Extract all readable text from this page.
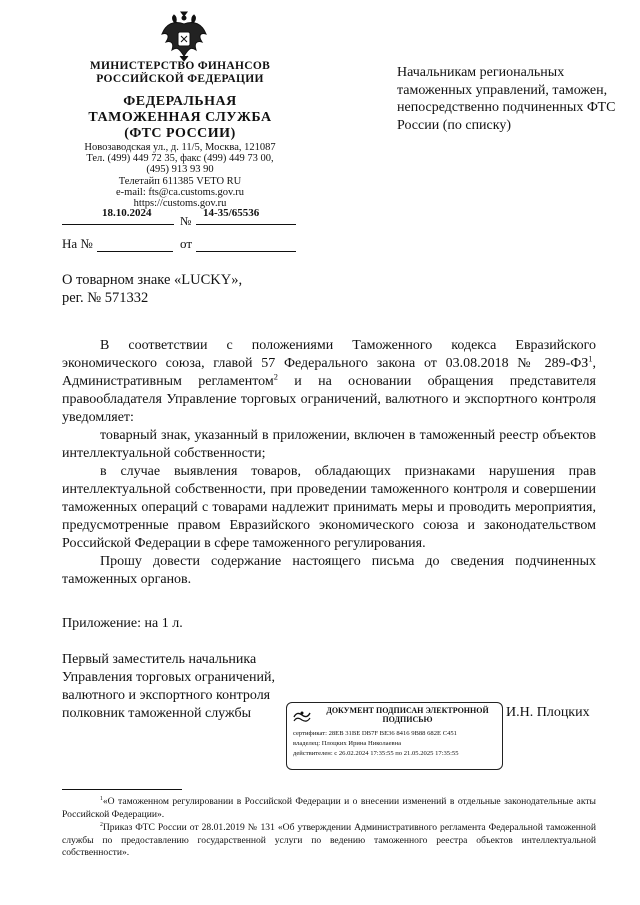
МИНИСТЕРСТВО ФИНАНСОВ
РОССИЙСКОЙ ФЕДЕРАЦИИ
ФЕДЕРАЛЬНАЯ
ТАМОЖЕННАЯ СЛУЖБА
(ФТС РОССИИ)
Новозаводская ул., д. 11/5, Москва, 121087
Тел. (499) 449 72 35, факс (499) 449 73 00,
(495) 913 93 90
Телетайп 611385 VETO RU
e-mail: fts@ca.customs.gov.ru
https://customs.gov.ru
18.10.2024
№
14-35/65536
На №	от
Начальникам региональных таможенных управлений, таможен, непосредственно подчиненных ФТС России (по списку)
О товарном знаке «LUCKY»,
рег. № 571332

В соответствии с положениями Таможенного кодекса Евразийского экономического союза, главой 57 Федерального закона от 03.08.2018 № $289-ФЗ^1$, Административным регламентом$^2$ и на основании обращения представителя правообладателя Управление торговых ограничений, валютного и экспортного контроля уведомляет:

товарный знак, указанный в приложении, включен в таможенный реестр объектов интеллектуальной собственности;

в случае выявления товаров, обладающих признаками нарушения прав интеллектуальной собственности, при проведении таможенного контроля и совершении таможенных операций с товарами надлежит принимать меры и проводить мероприятия, предусмотренные правом Евразийского экономического союза и законодательством Российской Федерации в сфере таможенного регулирования.

Прошу довести содержание настоящего письма до сведения подчиненных таможенных органов.

Приложение: на 1 л.
Первый заместитель начальника
Управления торговых ограничений,
валютного и экспортного контроля
полковник таможенной службы	И.Н. Плоцких
ДОКУМЕНТ ПОДПИСАН ЭЛЕКТРОННОЙ ПОДПИСЬЮ
сертификат: 28EB 31BE DB7F BE36 8416 9B88 682E C451
владелец: Плоцких Ирина Николаевна
действителен: с 26.02.2024 17:35:55 по 21.05.2025 17:35:55
$^1$«О таможенном регулировании в Российской Федерации и о внесении изменений в отдельные законодательные акты Российской Федерации».
$^2$Приказ ФТС России от 28.01.2019 № 131 «Об утверждении Административного регламента Федеральной таможенной службы по предоставлению государственной услуги по ведению таможенного реестра объектов интеллектуальной собственности».
